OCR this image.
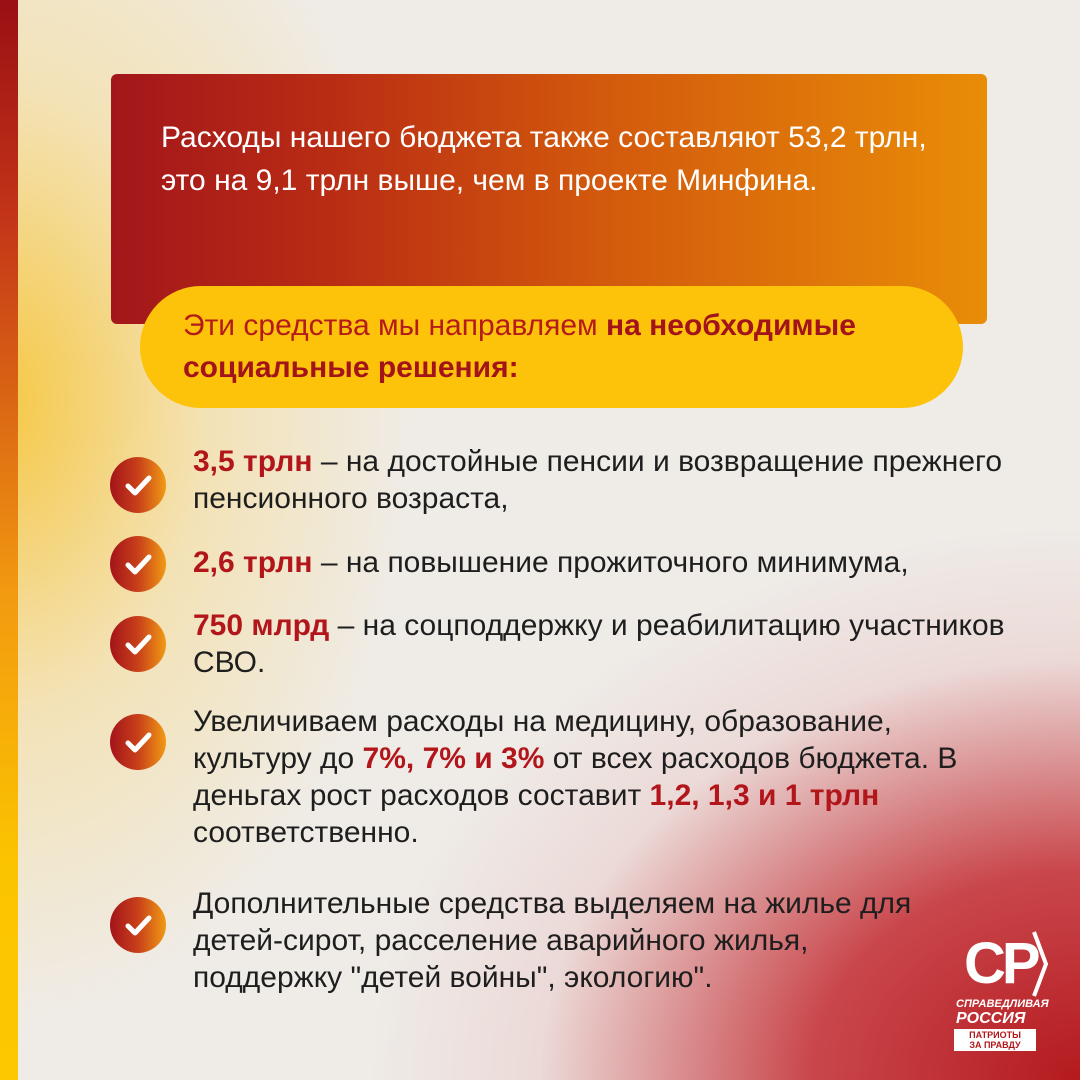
Расходы нашего бюджета также составляют 53,2 трлн, это на 9,1 трлн выше, чем в проекте Минфина.
Эти средства мы направляем на необходимые социальные решения:
3,5 трлн – на достойные пенсии и возвращение прежнего пенсионного возраста,
2,6 трлн – на повышение прожиточного минимума,
750 млрд – на соцподдержку и реабилитацию участников СВО.
Увеличиваем расходы на медицину, образование, культуру до 7%, 7% и 3% от всех расходов бюджета. В деньгах рост расходов составит 1,2, 1,3 и 1 трлн соответственно.
Дополнительные средства выделяем на жилье для детей-сирот, расселение аварийного жилья, поддержку "детей войны", экологию".	СР
СПРАВЕДЛИВАЯ
РОССИЯ
ПАТРИОТЫ
ЗА ПРАВДУ
